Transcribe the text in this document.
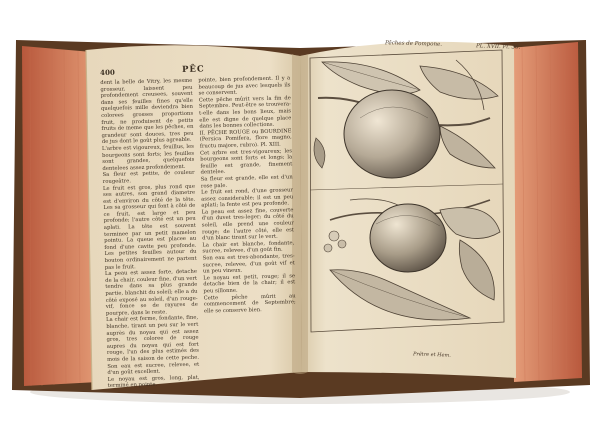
400	PÊC

dent la belle de Vitry, les mesme grosseur, laissent peu profondement creusees, souvent dans ses feuilles fines qu'elle quelquefois mille deviendra bien colorees grosses proportions fruit, ne produisent de petits fruits de meme que les pêches, en grandeur sont douces, tres peu de jus dont le goût plus agreable.

L'arbre est vigoureux, feuillus, les bourgeons sont forts; les feuilles sont grandes, quelquefois dentelees assez profondement.

Sa fleur est petite, de couleur rougeâtre.

Le fruit est gros, plus rond que ses autres, son grand diametre est d'environ du côté de la tête. Les sa grosseur qui font à côté de ce fruit, est large et peu profonde; l'autre côté est un peu aplati. La tête est souvent terminee par un petit mamelon pointu. La queue est placee au fond d'une cavite peu profonde. Les petites feuilles autour du bouton ordinairement ne partent pas le fruit.

La peau est assez forte, detache de la chair, couleur fine, d'un vert tendre dans sa plus grande partie, blanchit du soleil; elle a du côté exposé au soleil, d'un rouge-vif, fonce se de rayures de pourpre, dans le reste.

La chair est ferme, fondante, fine, blanche, tirant un peu sur le vert auprès du noyau qui est assez gros, tres coloree de rouge aupres du noyau qui est fort rouge, l'un des plus estimés des mois de la saison de cette peche. Son eau est sucree, relevee, et d'un goût excellent.

Le noyau est gros, long, plat, terminé en pointe.

pointe, bien profondement. Il y a beaucoup de jus avec lesquels ils se conservent.

Cette pêche mûrit vers la fin de Septembre. Peut-être se trouvera-t-elle dans les bons lieux, mais elle est digne de quelque place dans les bonnes collections.

II. PÊCHE ROUGE ou BOURDINE (Persica Pomifera, flore magno, fructu majore, rubro). Pl. XIII.

Cet arbre est tres-vigoureux; les bourgeons sont forts et longs; la feuille est grande, finement dentelee.

Sa fleur est grande, elle est d'un rose pale.

Le fruit est rond, d'une grosseur assez considerable; il est un peu aplati; la fente est peu profonde.

La peau est assez fine, couverte d'un duvet tres-leger; du côté du soleil, elle prend une couleur rouge; de l'autre côté, elle est d'un blanc tirant sur le vert.

La chair est blanche, fondante, sucree, relevee, d'un goût fin.

Son eau est tres-abondante, tres-sucree, relevee, d'un goût vif et un peu vineux.

Le noyau est petit, rouge; il se detache bien de la chair; il est peu sillonne.

Cette pêche mûrit au commencement de Septembre; elle se conserve bien.

Pêches de Pompone.	PL. XVII. Pl. 30.
Prêtre et Hem.
